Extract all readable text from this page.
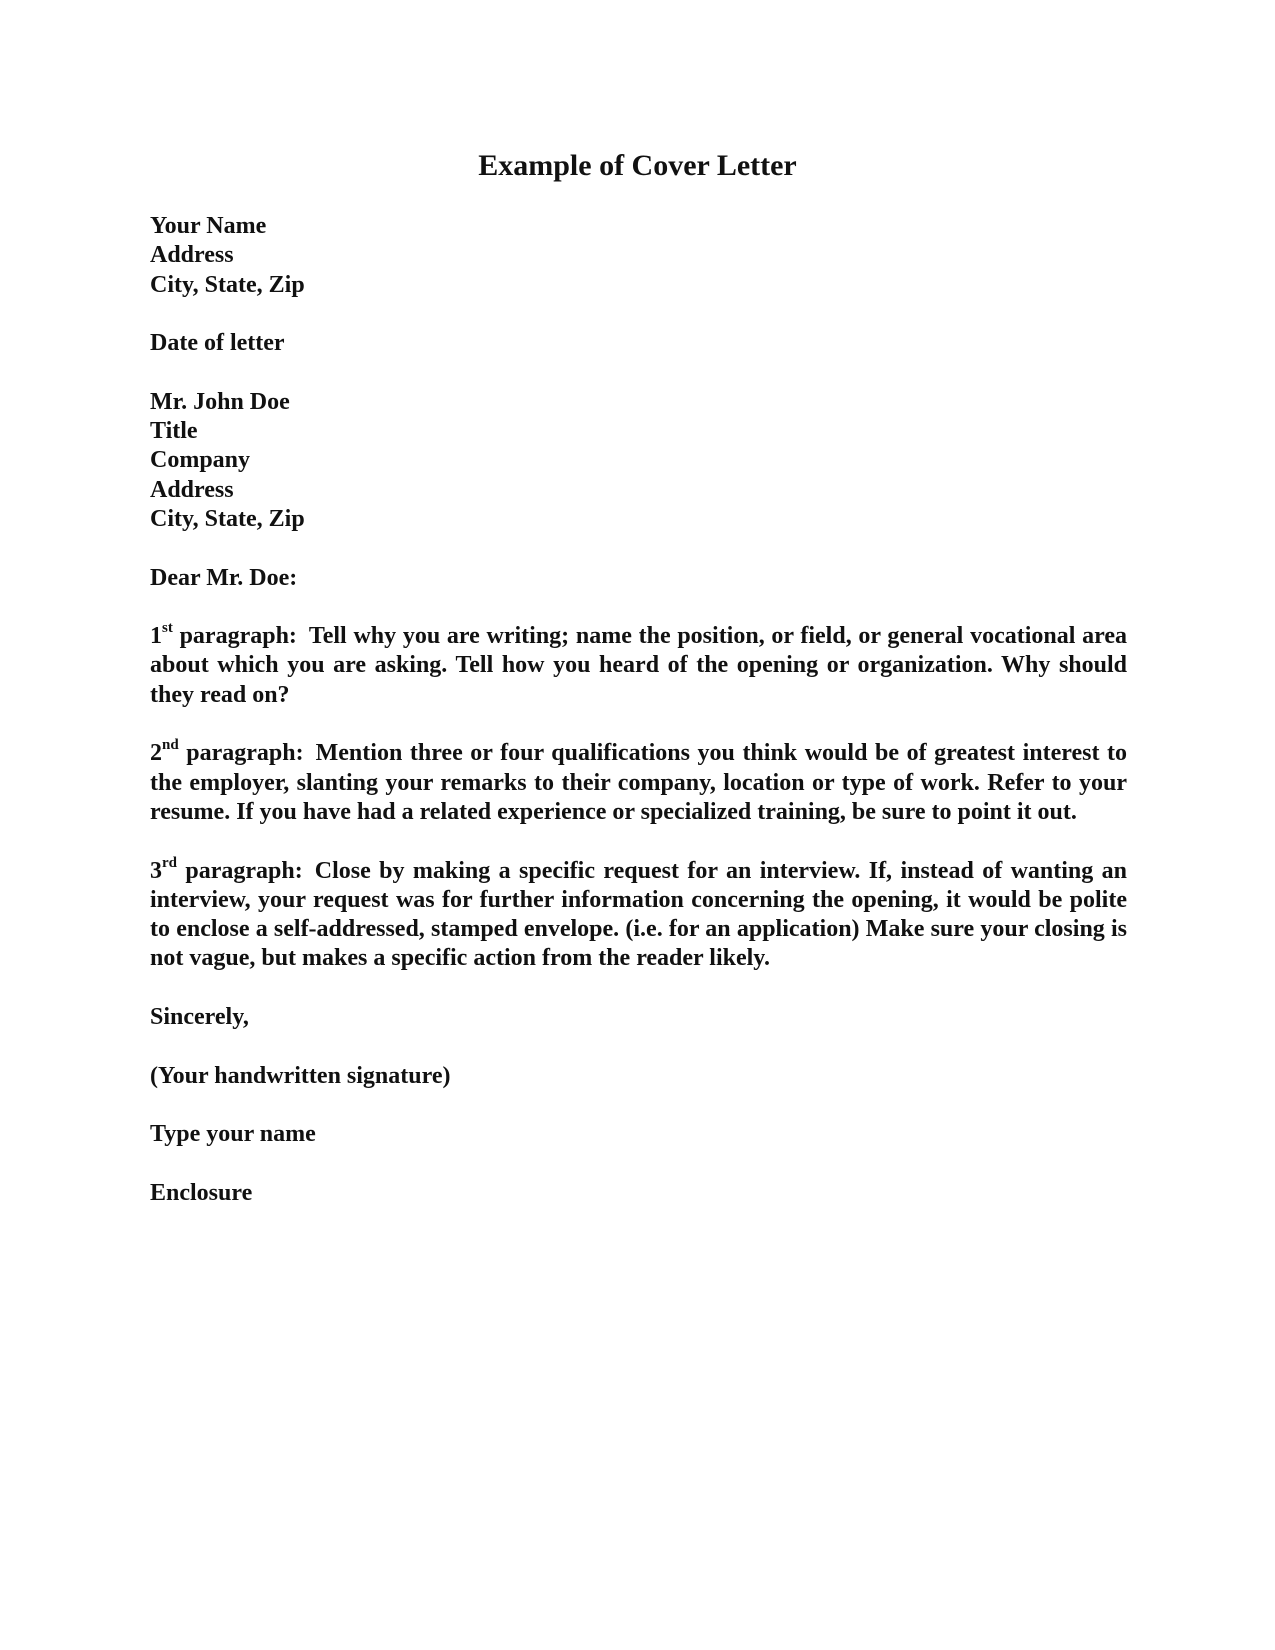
Example of Cover Letter
Your Name
Address
City, State, Zip
Date of letter
Mr. John Doe
Title
Company
Address
City, State, Zip
Dear Mr. Doe:

1st paragraph: Tell why you are writing; name the position, or field, or general vocational area about which you are asking. Tell how you heard of the opening or organization. Why should they read on?

2nd paragraph: Mention three or four qualifications you think would be of greatest interest to the employer, slanting your remarks to their company, location or type of work. Refer to your resume. If you have had a related experience or specialized training, be sure to point it out.

3rd paragraph: Close by making a specific request for an interview. If, instead of wanting an interview, your request was for further information concerning the opening, it would be polite to enclose a self-addressed, stamped envelope. (i.e. for an application) Make sure your closing is not vague, but makes a specific action from the reader likely.

Sincerely,
(Your handwritten signature)
Type your name
Enclosure
